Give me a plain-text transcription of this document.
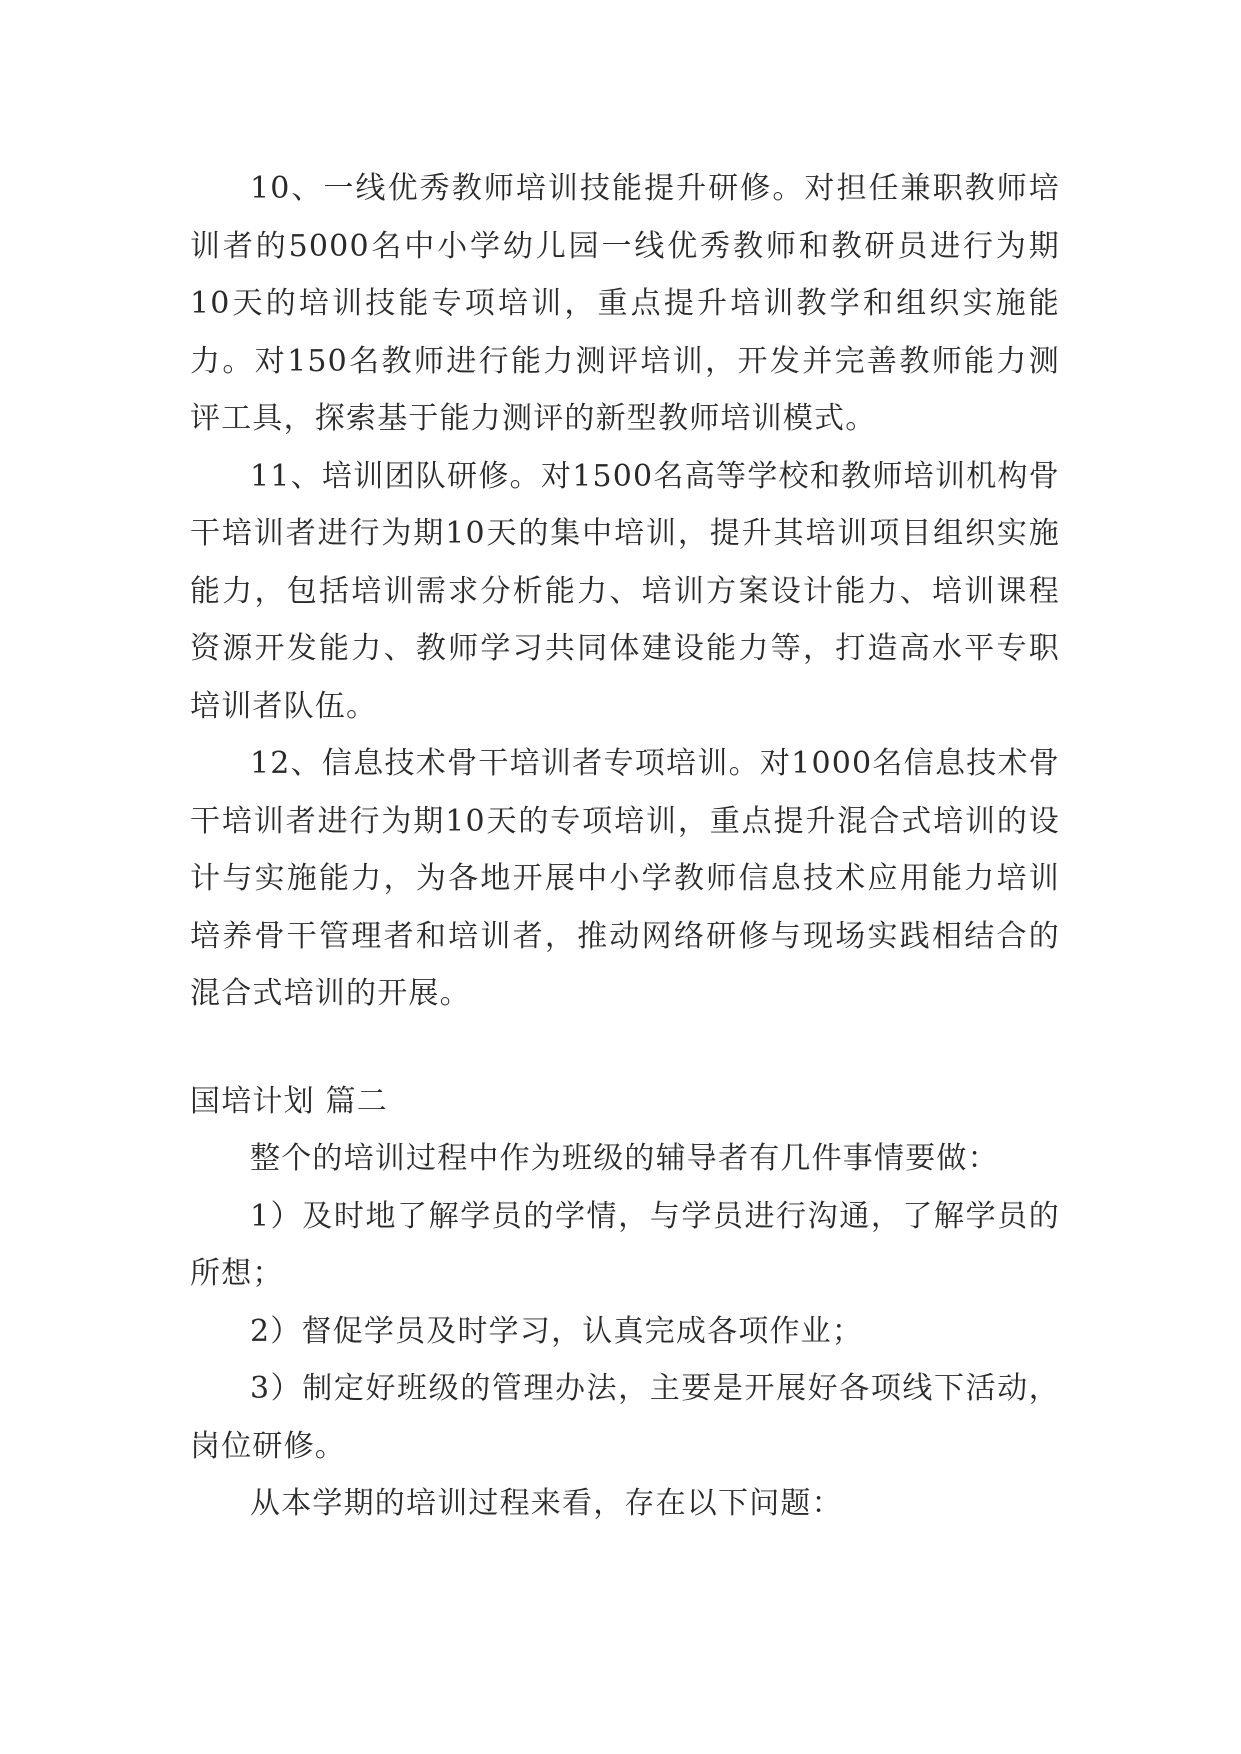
10、一线优秀教师培训技能提升研修。对担任兼职教师培训者的5000名中小学幼儿园一线优秀教师和教研员进行为期10天的培训技能专项培训，重点提升培训教学和组织实施能力。对150名教师进行能力测评培训，开发并完善教师能力测评工具，探索基于能力测评的新型教师培训模式。

11、培训团队研修。对1500名高等学校和教师培训机构骨干培训者进行为期10天的集中培训，提升其培训项目组织实施能力，包括培训需求分析能力、培训方案设计能力、培训课程资源开发能力、教师学习共同体建设能力等，打造高水平专职培训者队伍。

12、信息技术骨干培训者专项培训。对1000名信息技术骨干培训者进行为期10天的专项培训，重点提升混合式培训的设计与实施能力，为各地开展中小学教师信息技术应用能力培训培养骨干管理者和培训者，推动网络研修与现场实践相结合的混合式培训的开展。

国培计划 篇二

整个的培训过程中作为班级的辅导者有几件事情要做：

1）及时地了解学员的学情，与学员进行沟通，了解学员的所想；

2）督促学员及时学习，认真完成各项作业；

3）制定好班级的管理办法，主要是开展好各项线下活动，岗位研修。

从本学期的培训过程来看，存在以下问题：
